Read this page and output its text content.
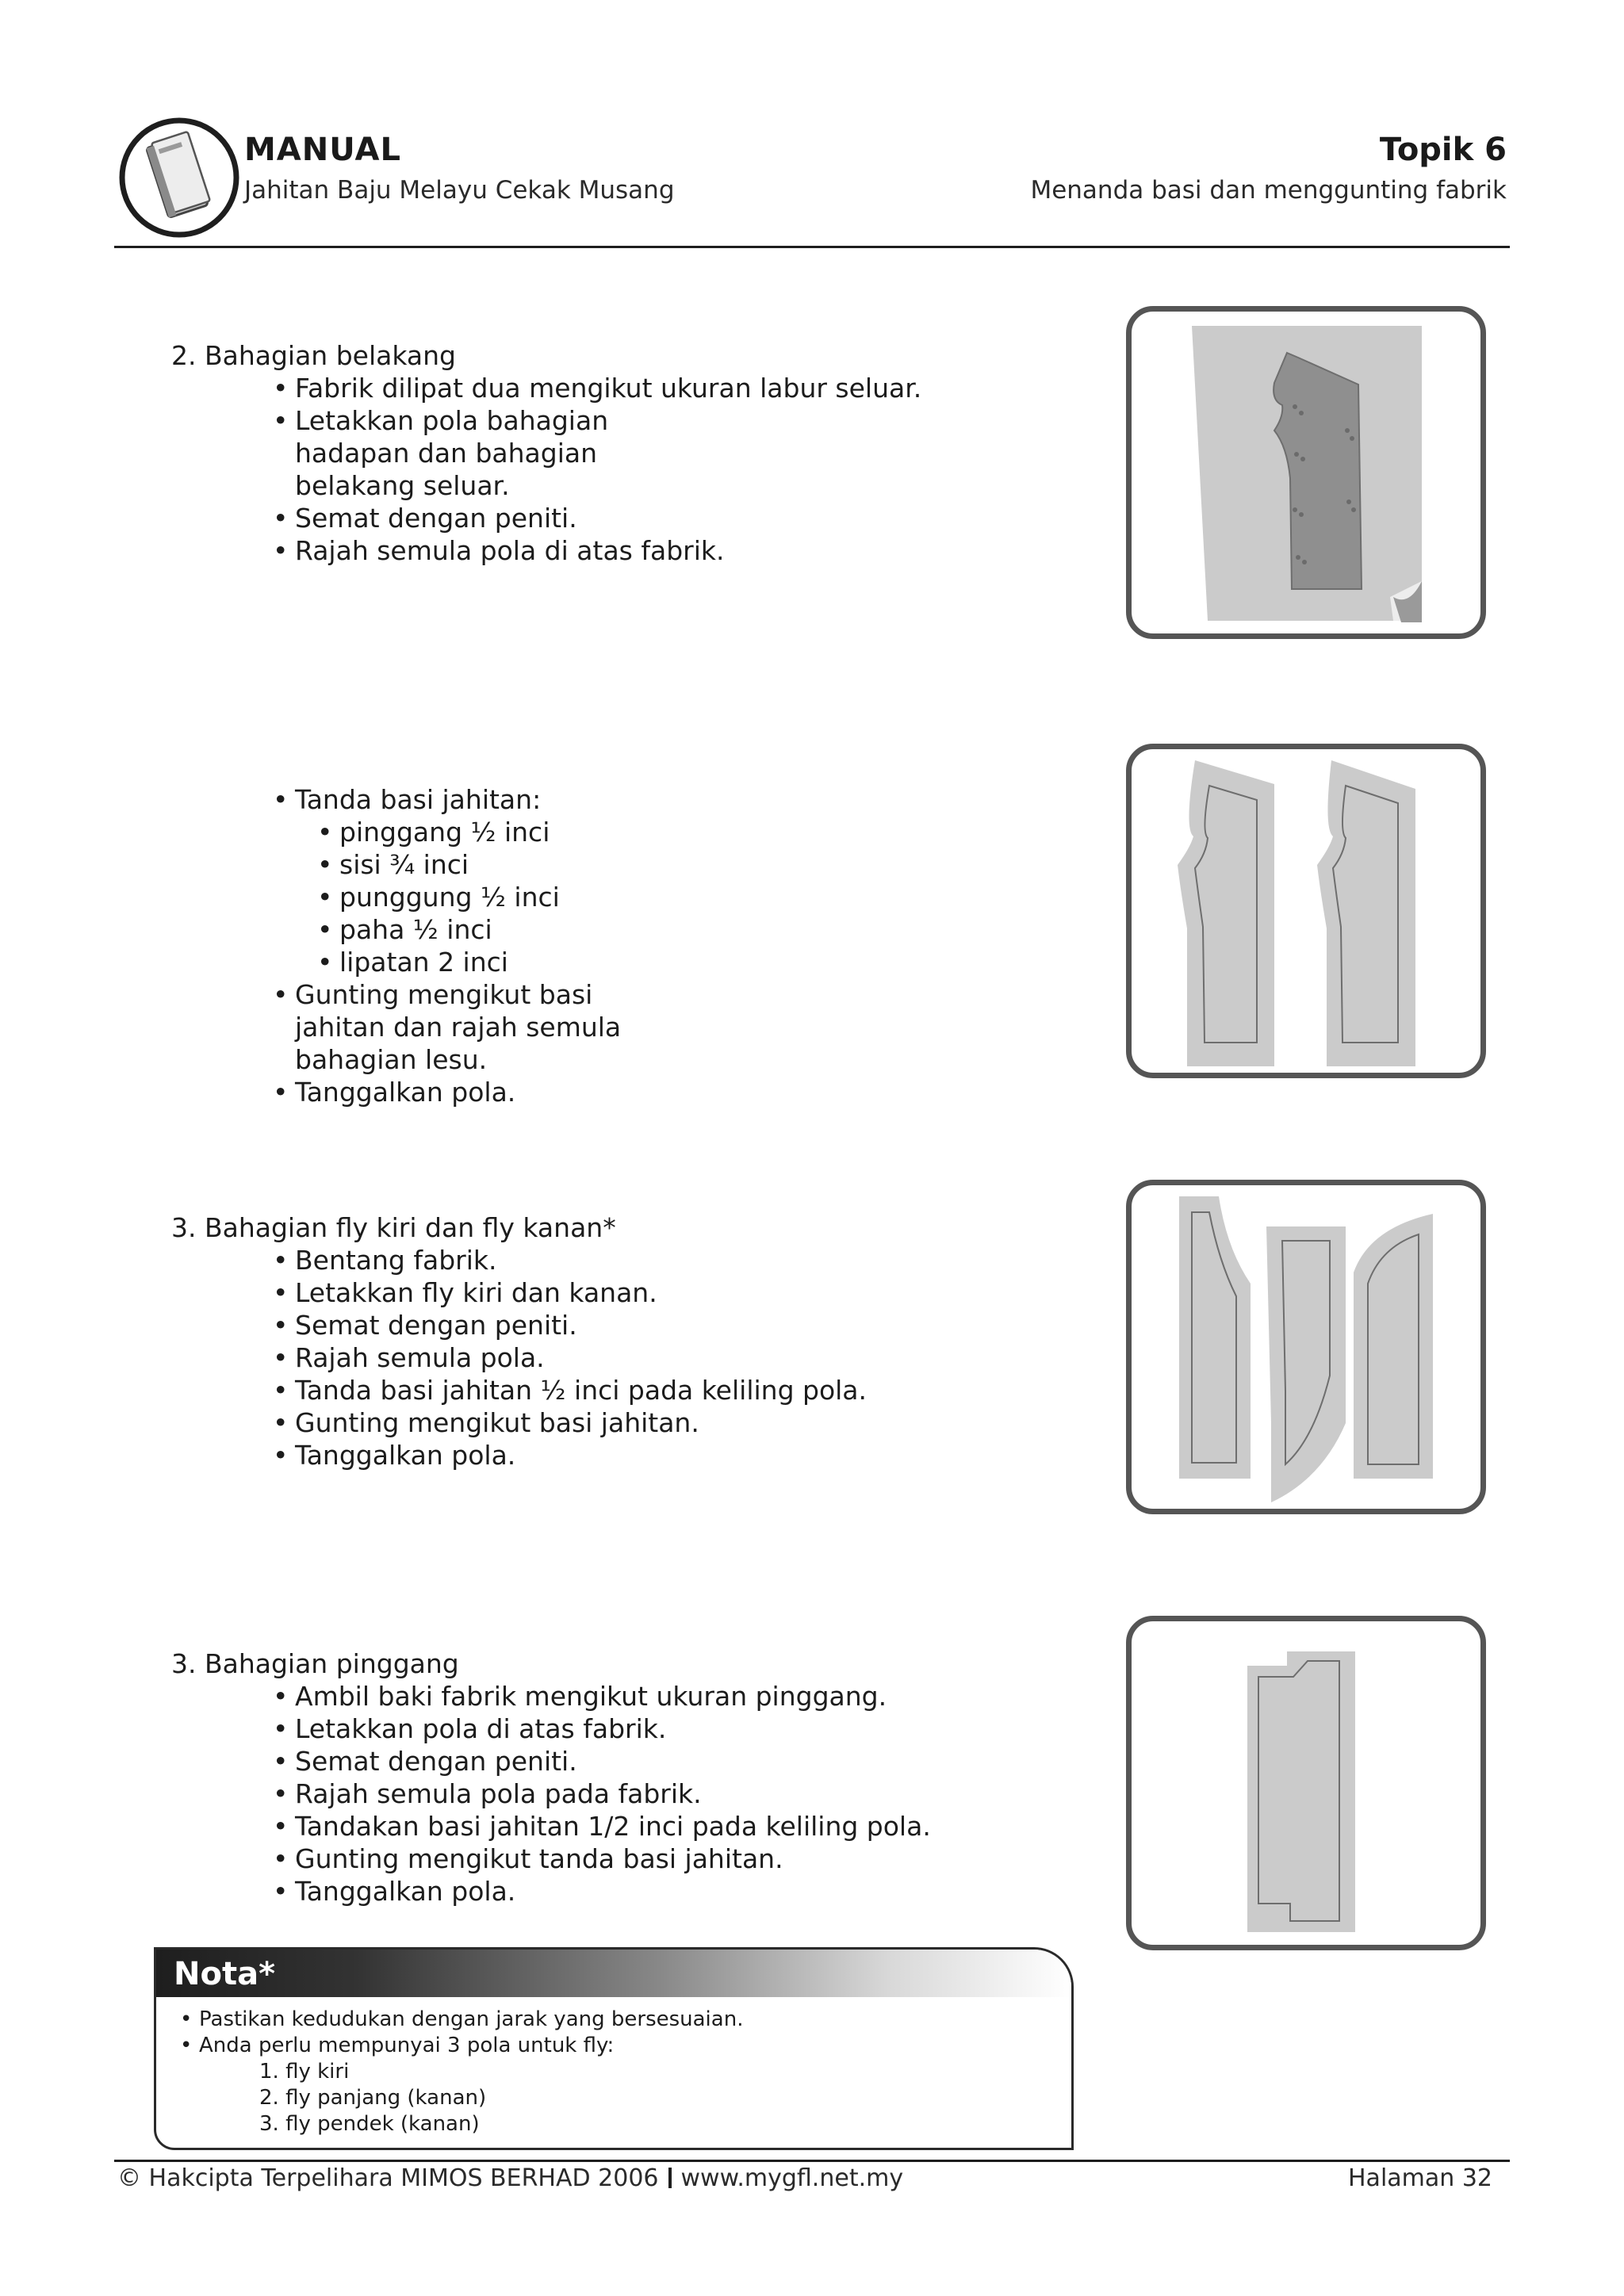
MANUAL
Jahitan Baju Melayu Cekak Musang
Topik 6
Menanda basi dan menggunting fabrik
2. Bahagian belakang
• Fabrik dilipat dua mengikut ukuran labur seluar.
• Letakkan pola bahagian hadapan dan bahagian belakang seluar.
• Semat dengan peniti.
• Rajah semula pola di atas fabrik.
• Tanda basi jahitan:
• pinggang ½ inci
• sisi ¾ inci
• punggung ½ inci
• paha ½ inci
• lipatan 2 inci
• Gunting mengikut basi jahitan dan rajah semula bahagian lesu.
• Tanggalkan pola.
3. Bahagian fly kiri dan fly kanan*
• Bentang fabrik.
• Letakkan fly kiri dan kanan.
• Semat dengan peniti.
• Rajah semula pola.
• Tanda basi jahitan ½ inci pada keliling pola.
• Gunting mengikut basi jahitan.
• Tanggalkan pola.
3. Bahagian pinggang
• Ambil baki fabrik mengikut ukuran pinggang.
• Letakkan pola di atas fabrik.
• Semat dengan peniti.
• Rajah semula pola pada fabrik.
• Tandakan basi jahitan 1/2 inci pada keliling pola.
• Gunting mengikut tanda basi jahitan.
• Tanggalkan pola.
Nota*
• Pastikan kedudukan dengan jarak yang bersesuaian.
• Anda perlu mempunyai 3 pola untuk fly:
1. fly kiri
2. fly panjang (kanan)
3. fly pendek (kanan)
© Hakcipta Terpelihara MIMOS BERHAD 2006 www.mygfl.net.my	Halaman 32
